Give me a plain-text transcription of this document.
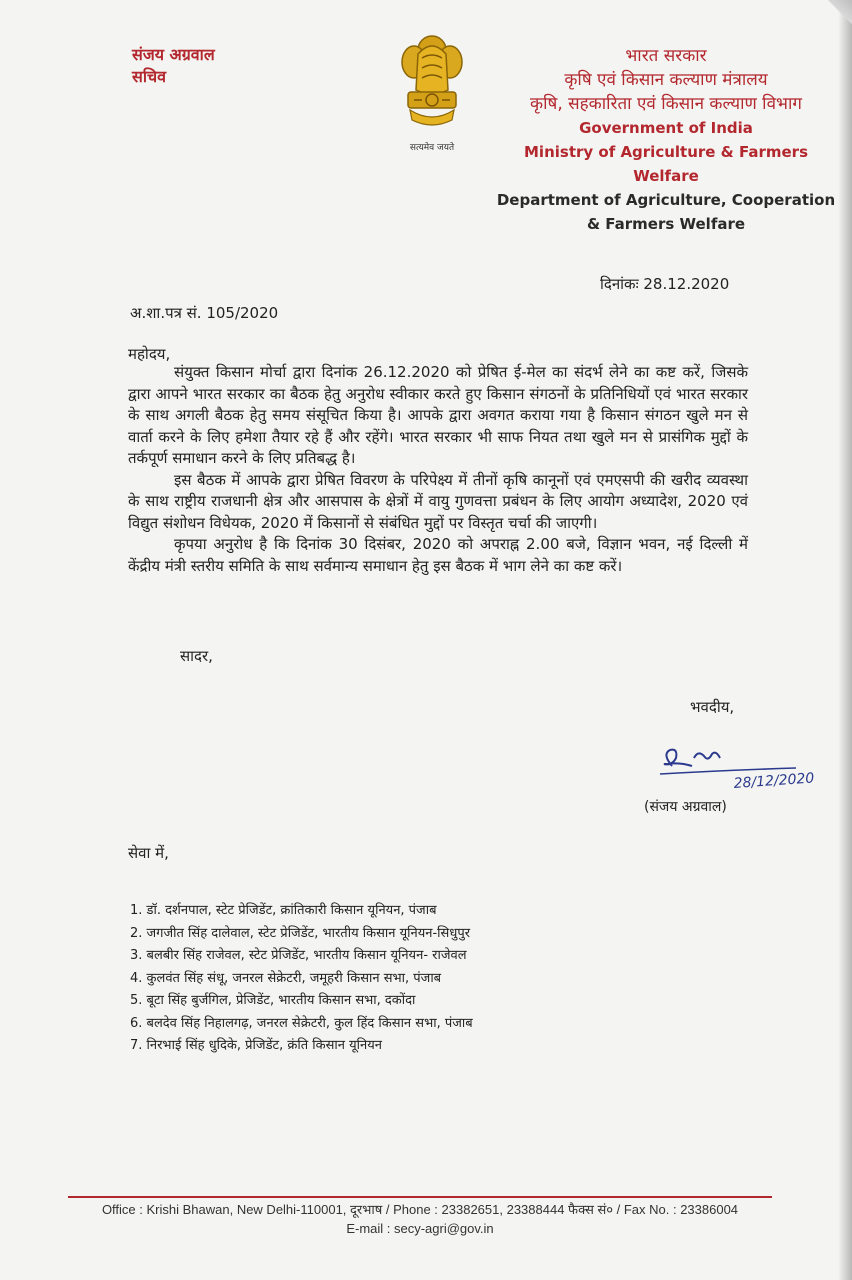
संजय अग्रवाल
सचिव
सत्यमेव जयते
भारत सरकार
कृषि एवं किसान कल्याण मंत्रालय
कृषि, सहकारिता एवं किसान कल्याण विभाग
Government of India
Ministry of Agriculture & Farmers Welfare
Department of Agriculture, Cooperation
& Farmers Welfare
दिनांकः 28.12.2020
अ.शा.पत्र सं. 105/2020
महोदय,

संयुक्त किसान मोर्चा द्वारा दिनांक 26.12.2020 को प्रेषित ई-मेल का संदर्भ लेने का कष्ट करें, जिसके द्वारा आपने भारत सरकार का बैठक हेतु अनुरोध स्वीकार करते हुए किसान संगठनों के प्रतिनिधियों एवं भारत सरकार के साथ अगली बैठक हेतु समय संसूचित किया है। आपके द्वारा अवगत कराया गया है किसान संगठन खुले मन से वार्ता करने के लिए हमेशा तैयार रहे हैं और रहेंगे। भारत सरकार भी साफ नियत तथा खुले मन से प्रासंगिक मुद्दों के तर्कपूर्ण समाधान करने के लिए प्रतिबद्ध है।

इस बैठक में आपके द्वारा प्रेषित विवरण के परिपेक्ष्य में तीनों कृषि कानूनों एवं एमएसपी की खरीद व्यवस्था के साथ राष्ट्रीय राजधानी क्षेत्र और आसपास के क्षेत्रों में वायु गुणवत्ता प्रबंधन के लिए आयोग अध्यादेश, 2020 एवं विद्युत संशोधन विधेयक, 2020 में किसानों से संबंधित मुद्दों पर विस्तृत चर्चा की जाएगी।

कृपया अनुरोध है कि दिनांक 30 दिसंबर, 2020 को अपराह्न 2.00 बजे, विज्ञान भवन, नई दिल्ली में केंद्रीय मंत्री स्तरीय समिति के साथ सर्वमान्य समाधान हेतु इस बैठक में भाग लेने का कष्ट करें।

सादर,
भवदीय,
28/12/2020
(संजय अग्रवाल)
सेवा में,
1. डॉ. दर्शनपाल, स्टेट प्रेजिडेंट, क्रांतिकारी किसान यूनियन, पंजाब
2. जगजीत सिंह दालेवाल, स्टेट प्रेजिडेंट, भारतीय किसान यूनियन-सिधुपुर
3. बलबीर सिंह राजेवल, स्टेट प्रेजिडेंट, भारतीय किसान यूनियन- राजेवल
4. कुलवंत सिंह संधू, जनरल सेक्रेटरी, जमूहरी किसान सभा, पंजाब
5. बूटा सिंह बुर्जगिल, प्रेजिडेंट, भारतीय किसान सभा, दकोंदा
6. बलदेव सिंह निहालगढ़, जनरल सेक्रेटरी, कुल हिंद किसान सभा, पंजाब
7. निरभाई सिंह धुदिके, प्रेजिडेंट, क्रंति किसान यूनियन
Office : Krishi Bhawan, New Delhi-110001, दूरभाष / Phone : 23382651, 23388444 फैक्स सं० / Fax No. : 23386004
E-mail : secy-agri@gov.in
